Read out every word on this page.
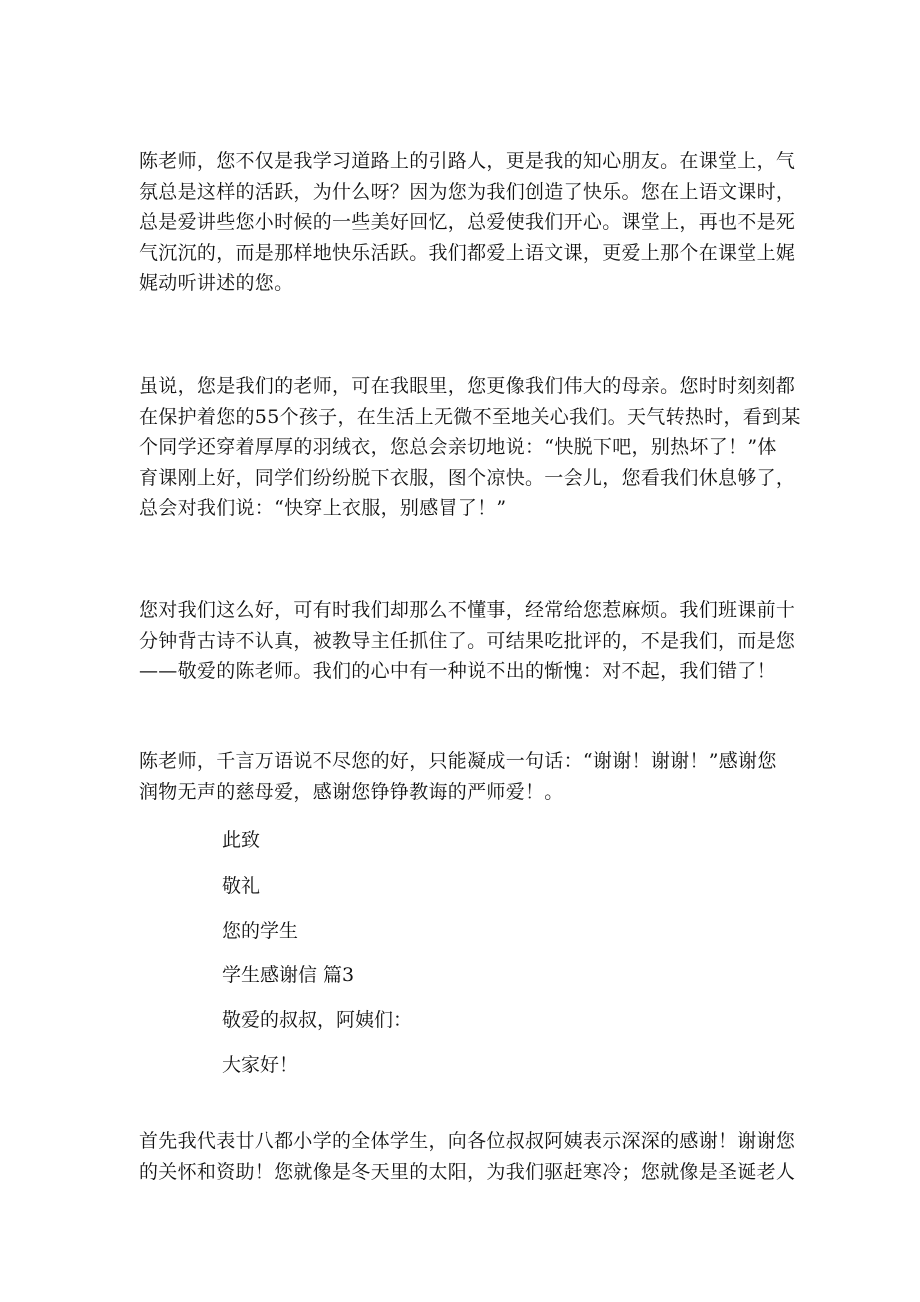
陈老师，您不仅是我学习道路上的引路人，更是我的知心朋友。在课堂上，气
氛总是这样的活跃，为什么呀？因为您为我们创造了快乐。您在上语文课时，
总是爱讲些您小时候的一些美好回忆，总爱使我们开心。课堂上，再也不是死
气沉沉的，而是那样地快乐活跃。我们都爱上语文课，更爱上那个在课堂上娓
娓动听讲述的您。

虽说，您是我们的老师，可在我眼里，您更像我们伟大的母亲。您时时刻刻都
在保护着您的55个孩子，在生活上无微不至地关心我们。天气转热时，看到某
个同学还穿着厚厚的羽绒衣，您总会亲切地说：“快脱下吧，别热坏了！”体
育课刚上好，同学们纷纷脱下衣服，图个凉快。一会儿，您看我们休息够了，
总会对我们说：“快穿上衣服，别感冒了！”

您对我们这么好，可有时我们却那么不懂事，经常给您惹麻烦。我们班课前十
分钟背古诗不认真，被教导主任抓住了。可结果吃批评的，不是我们，而是您
——敬爱的陈老师。我们的心中有一种说不出的惭愧：对不起，我们错了！

陈老师，千言万语说不尽您的好，只能凝成一句话：“谢谢！谢谢！”感谢您
润物无声的慈母爱，感谢您铮铮教诲的严师爱！。

此致

敬礼

您的学生

学生感谢信 篇3

敬爱的叔叔，阿姨们：

大家好！

首先我代表廿八都小学的全体学生，向各位叔叔阿姨表示深深的感谢！谢谢您
的关怀和资助！您就像是冬天里的太阳，为我们驱赶寒冷；您就像是圣诞老人
